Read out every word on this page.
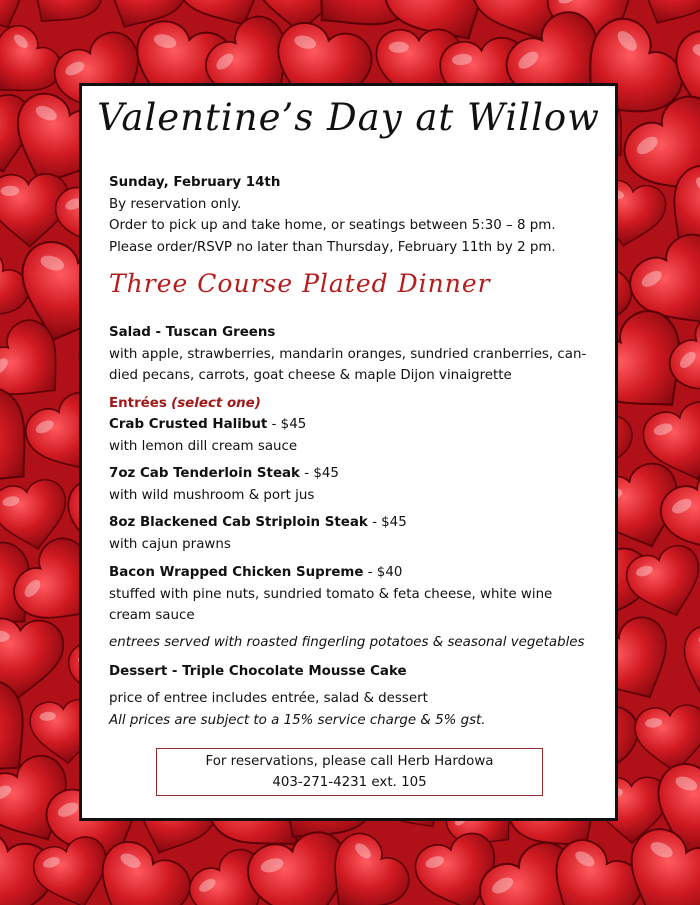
Valentine’s Day at Willow
Sunday, February 14th
By reservation only.
Order to pick up and take home, or seatings between 5:30 – 8 pm.
Please order/RSVP no later than Thursday, February 11th by 2 pm.
Three Course Plated Dinner
Salad - Tuscan Greens
with apple, strawberries, mandarin oranges, sundried cranberries, can-
died pecans, carrots, goat cheese & maple Dijon vinaigrette
Entrées (select one)
Crab Crusted Halibut - $45
with lemon dill cream sauce
7oz Cab Tenderloin Steak - $45
with wild mushroom & port jus
8oz Blackened Cab Striploin Steak - $45
with cajun prawns
Bacon Wrapped Chicken Supreme - $40
stuffed with pine nuts, sundried tomato & feta cheese, white wine
cream sauce
entrees served with roasted fingerling potatoes & seasonal vegetables
Dessert - Triple Chocolate Mousse Cake
price of entree includes entrée, salad & dessert
All prices are subject to a 15% service charge & 5% gst.
For reservations, please call Herb Hardowa
403-271-4231 ext. 105
